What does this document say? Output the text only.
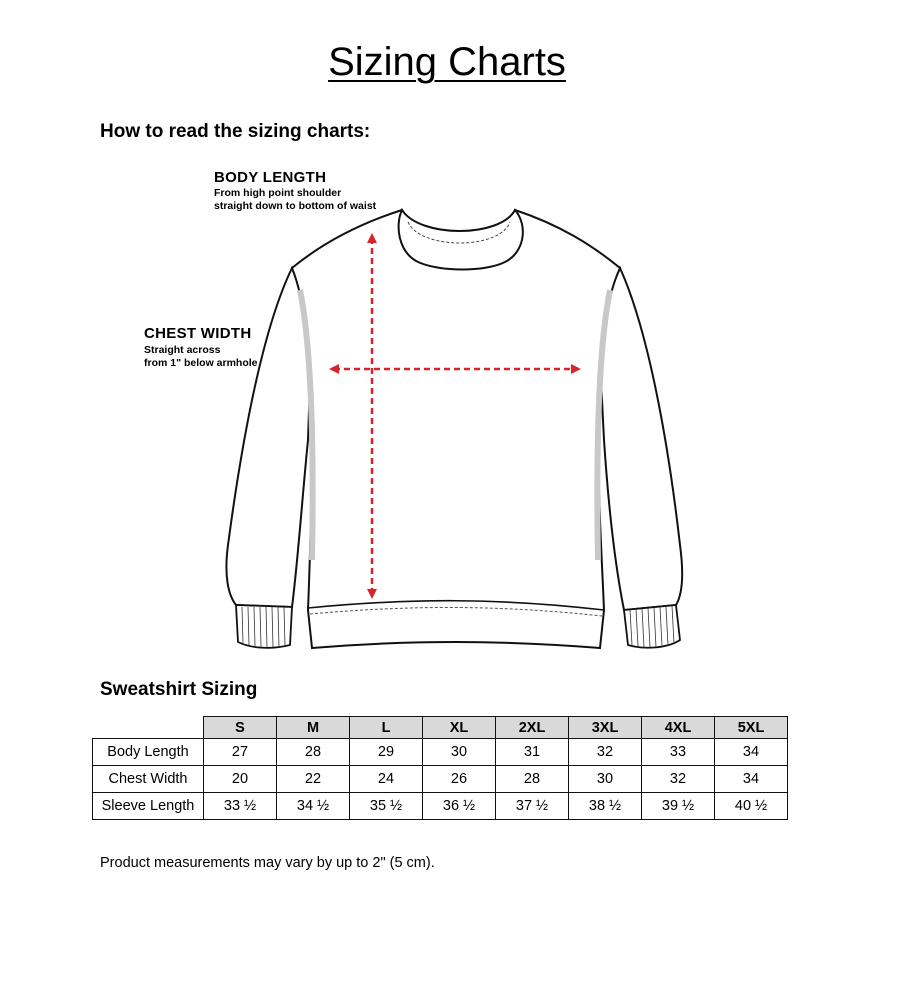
Sizing Charts
How to read the sizing charts:
BODY LENGTH
From high point shoulder
straight down to bottom of waist
CHEST WIDTH
Straight across
from 1" below armhole
Sweatshirt Sizing
	S	M	L	XL	2XL	3XL	4XL	5XL
Body Length	27	28	29	30	31	32	33	34
Chest Width	20	22	24	26	28	30	32	34
Sleeve Length	33 ½	34 ½	35 ½	36 ½	37 ½	38 ½	39 ½	40 ½
Product measurements may vary by up to 2" (5 cm).
